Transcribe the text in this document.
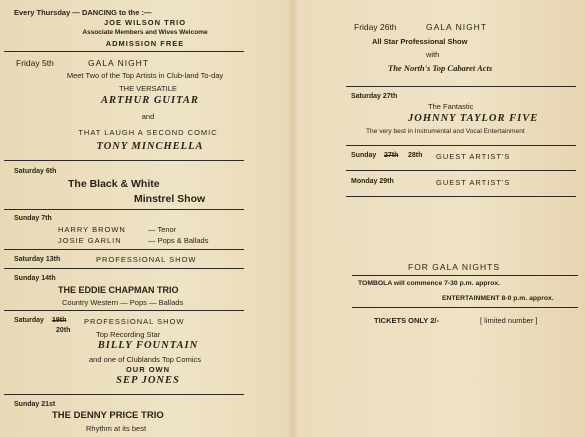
Every Thursday — DANCING to the :—
JOE WILSON TRIO
Associate Members and Wives Welcome
ADMISSION FREE
Friday 5th	GALA NIGHT
Meet Two of the Top Artists in Club-land To-day
THE VERSATILE
ARTHUR GUITAR
and
THAT LAUGH A SECOND COMIC
TONY MINCHELLA
Saturday 6th
The Black & White
Minstrel Show
Sunday 7th
HARRY BROWN	— Tenor
JOSIE GARLIN	— Pops & Ballads
Saturday 13th	PROFESSIONAL SHOW
Sunday 14th
THE EDDIE CHAPMAN TRIO
Country Western — Pops — Ballads
Saturday 19th
20th
PROFESSIONAL SHOW
Top Recording Star
BILLY FOUNTAIN
and one of Clublands Top Comics
OUR OWN
SEP JONES
Sunday 21st
THE DENNY PRICE TRIO
Rhythm at its best
Friday 26th	GALA NIGHT
All Star Professional Show
with
The North's Top Cabaret Acts
Saturday 27th
The Fantastic
JOHNNY TAYLOR FIVE
The very best in Instrumental and Vocal Entertainment
Sunday 27th 28th GUEST ARTIST'S
Monday 29th	GUEST ARTIST'S
FOR GALA NIGHTS
TOMBOLA will commence 7-30 p.m. approx.
ENTERTAINMENT 8-0 p.m. approx.
TICKETS ONLY 2/-	[ limited number ]
